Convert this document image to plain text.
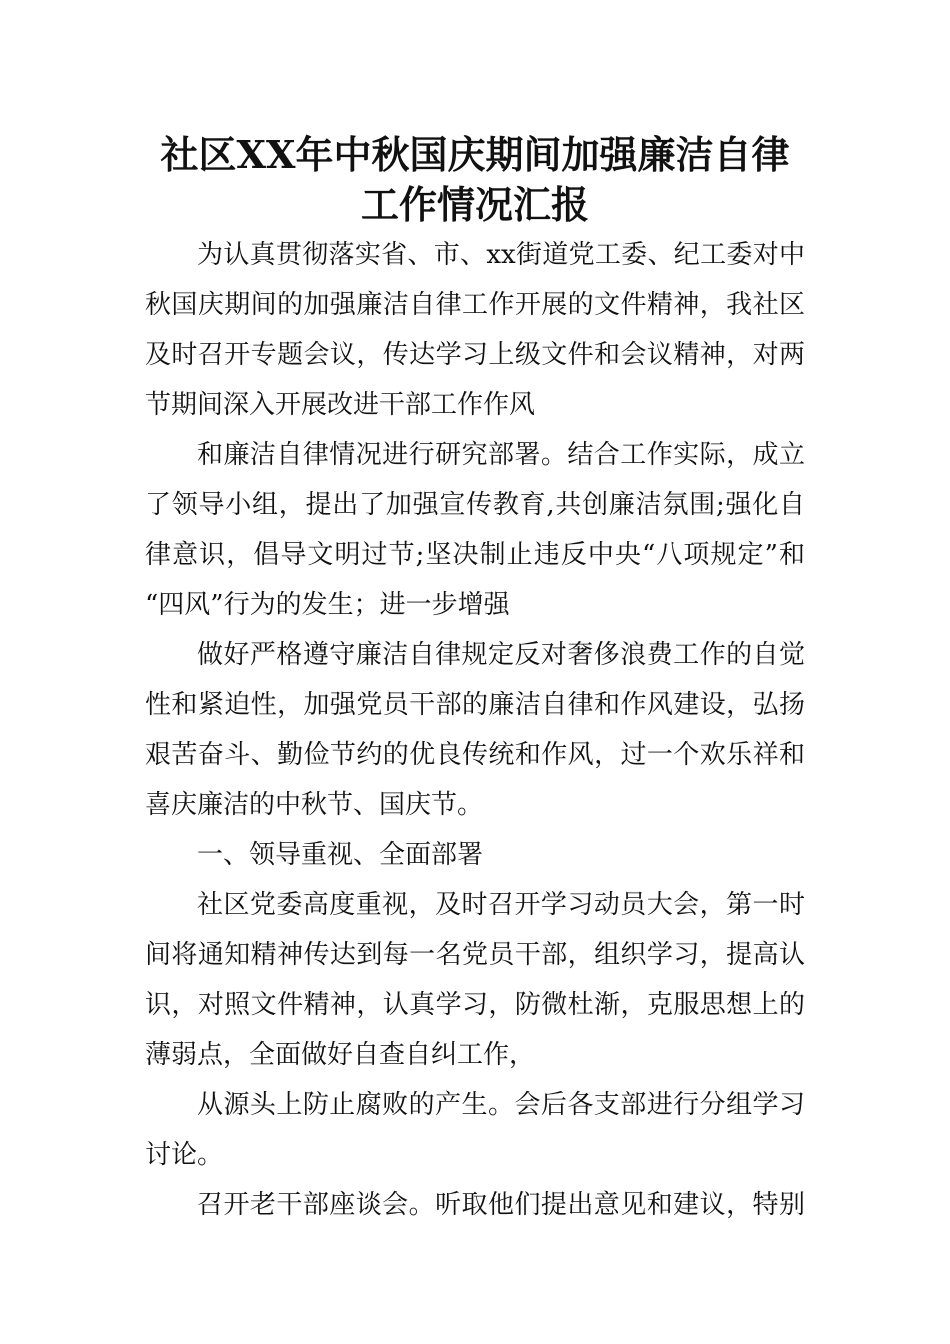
社区XX年中秋国庆期间加强廉洁自律
工作情况汇报
为认真贯彻落实省、市、xx街道党工委、纪工委对中
秋国庆期间的加强廉洁自律工作开展的文件精神，我社区
及时召开专题会议，传达学习上级文件和会议精神，对两
节期间深入开展改进干部工作作风
和廉洁自律情况进行研究部署。结合工作实际，成立
了领导小组，提出了加强宣传教育,共创廉洁氛围;强化自
律意识，倡导文明过节;坚决制止违反中央“八项规定”和
“四风”行为的发生；进一步增强
做好严格遵守廉洁自律规定反对奢侈浪费工作的自觉
性和紧迫性，加强党员干部的廉洁自律和作风建设，弘扬
艰苦奋斗、勤俭节约的优良传统和作风，过一个欢乐祥和
喜庆廉洁的中秋节、国庆节。
一、领导重视、全面部署
社区党委高度重视，及时召开学习动员大会，第一时
间将通知精神传达到每一名党员干部，组织学习，提高认
识，对照文件精神，认真学习，防微杜渐，克服思想上的
薄弱点，全面做好自查自纠工作，
从源头上防止腐败的产生。会后各支部进行分组学习
讨论。
召开老干部座谈会。听取他们提出意见和建议，特别
